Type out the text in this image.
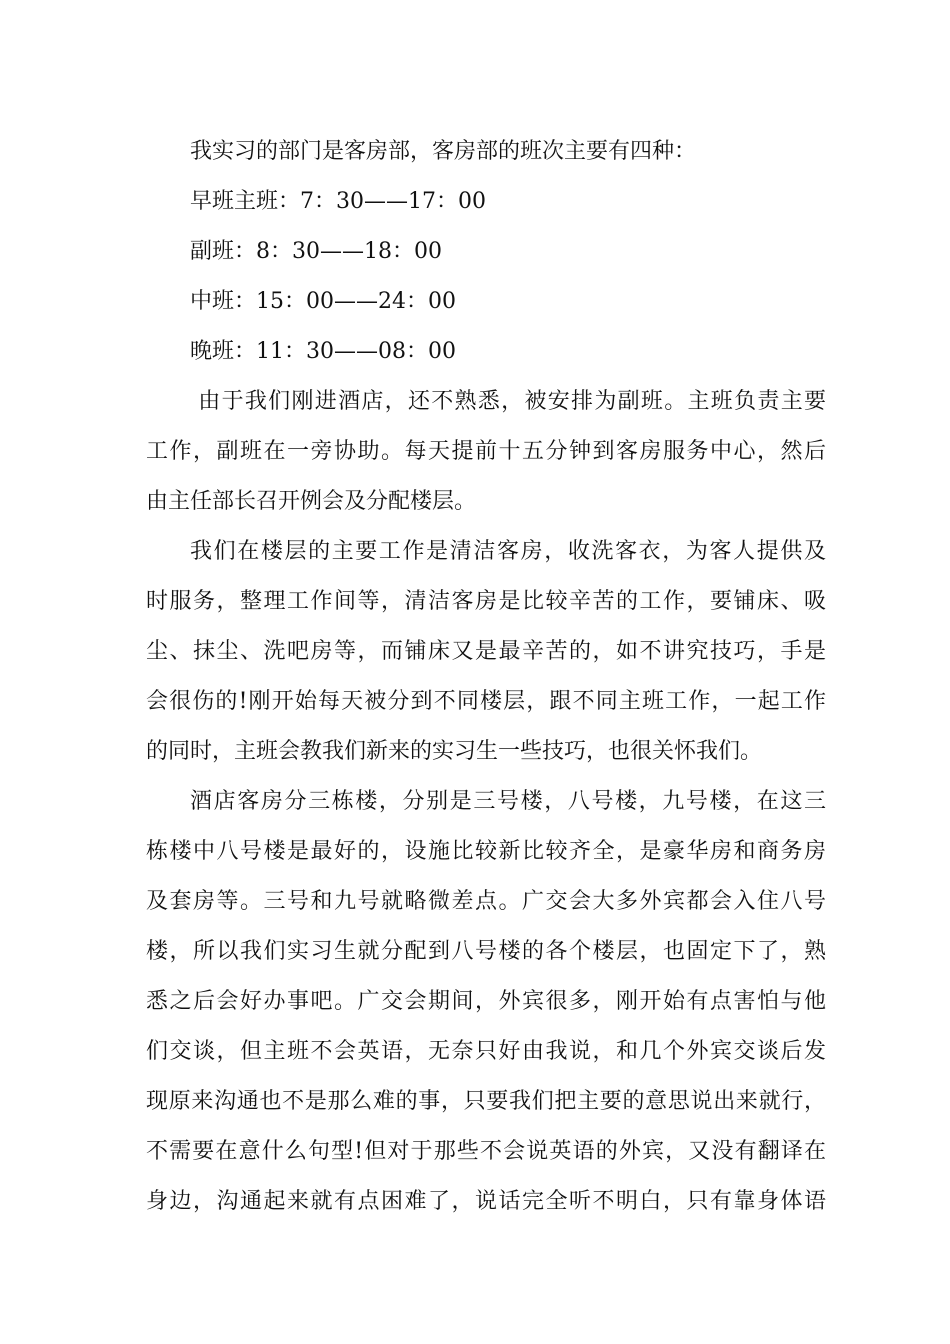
我实习的部门是客房部，客房部的班次主要有四种：
早班主班：7：30——17：00
副班：8：30——18：00
中班：15：00——24：00
晚班：11：30——08：00
由于我们刚进酒店，还不熟悉，被安排为副班。主班负责主要
工作，副班在一旁协助。每天提前十五分钟到客房服务中心，然后
由主任部长召开例会及分配楼层。
我们在楼层的主要工作是清洁客房，收洗客衣，为客人提供及
时服务，整理工作间等，清洁客房是比较辛苦的工作，要铺床、吸
尘、抹尘、洗吧房等，而铺床又是最辛苦的，如不讲究技巧，手是
会很伤的!刚开始每天被分到不同楼层，跟不同主班工作，一起工作
的同时，主班会教我们新来的实习生一些技巧，也很关怀我们。
酒店客房分三栋楼，分别是三号楼，八号楼，九号楼，在这三
栋楼中八号楼是最好的，设施比较新比较齐全，是豪华房和商务房
及套房等。三号和九号就略微差点。广交会大多外宾都会入住八号
楼，所以我们实习生就分配到八号楼的各个楼层，也固定下了，熟
悉之后会好办事吧。广交会期间，外宾很多，刚开始有点害怕与他
们交谈，但主班不会英语，无奈只好由我说，和几个外宾交谈后发
现原来沟通也不是那么难的事，只要我们把主要的意思说出来就行，
不需要在意什么句型!但对于那些不会说英语的外宾，又没有翻译在
身边，沟通起来就有点困难了，说话完全听不明白，只有靠身体语
